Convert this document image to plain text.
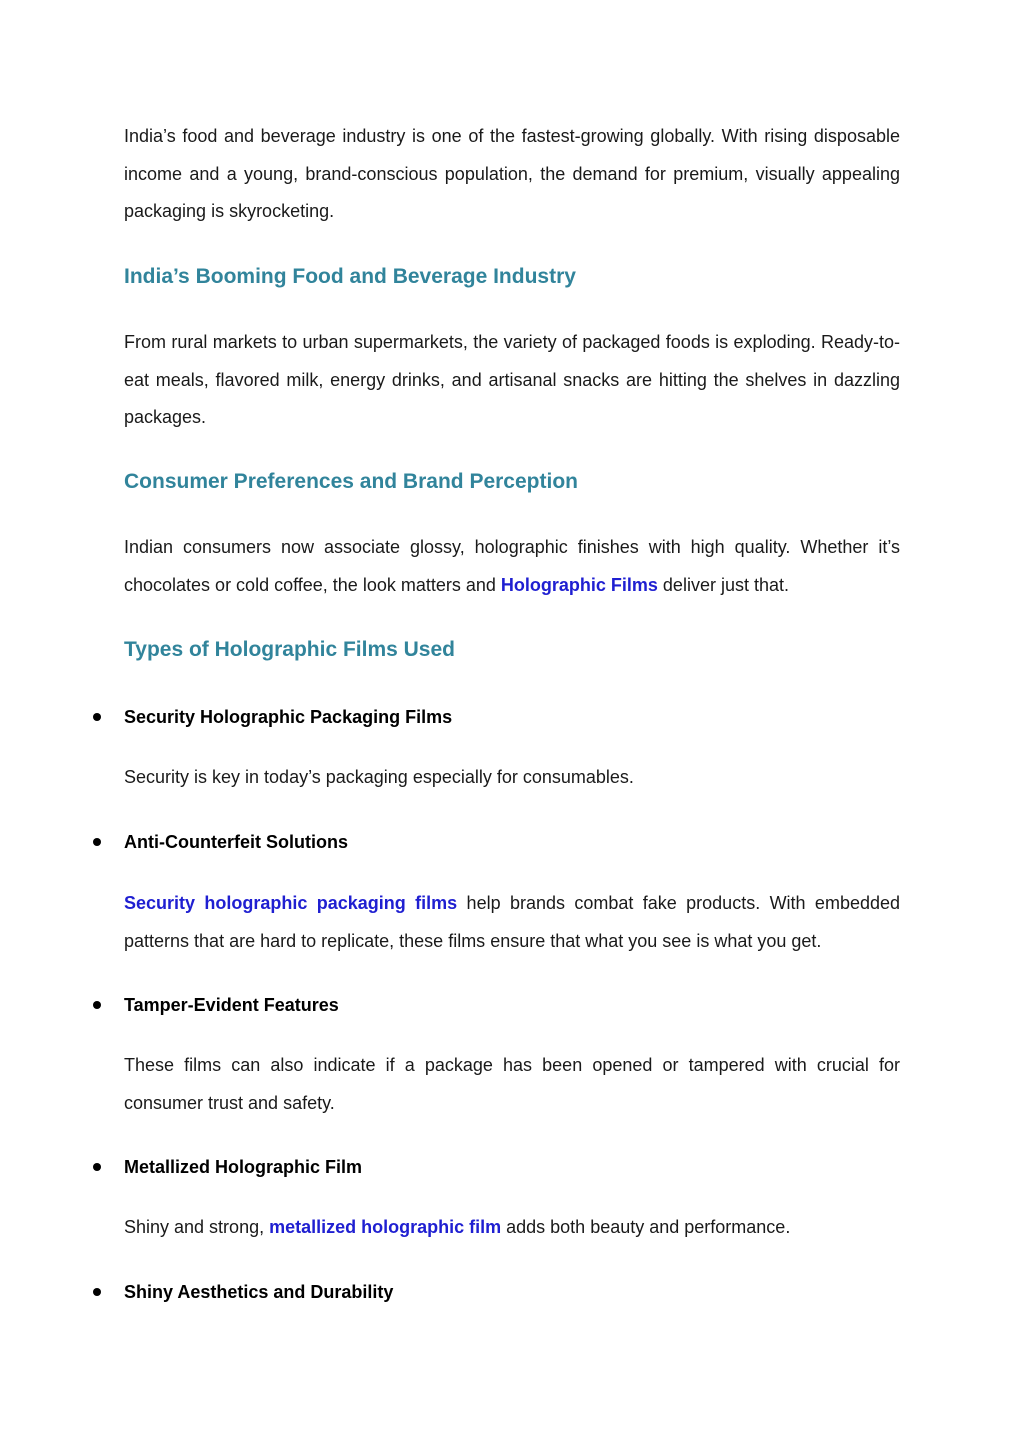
India’s food and beverage industry is one of the fastest-growing globally. With rising disposable income and a young, brand-conscious population, the demand for premium, visually appealing packaging is skyrocketing.

India’s Booming Food and Beverage Industry

From rural markets to urban supermarkets, the variety of packaged foods is exploding. Ready-to-eat meals, flavored milk, energy drinks, and artisanal snacks are hitting the shelves in dazzling packages.

Consumer Preferences and Brand Perception

Indian consumers now associate glossy, holographic finishes with high quality. Whether it’s chocolates or cold coffee, the look matters and Holographic Films deliver just that.

Types of Holographic Films Used
Security Holographic Packaging Films

Security is key in today’s packaging especially for consumables.

Anti-Counterfeit Solutions

Security holographic packaging films help brands combat fake products. With embedded patterns that are hard to replicate, these films ensure that what you see is what you get.

Tamper-Evident Features

These films can also indicate if a package has been opened or tampered with crucial for consumer trust and safety.

Metallized Holographic Film

Shiny and strong, metallized holographic film adds both beauty and performance.

Shiny Aesthetics and Durability
